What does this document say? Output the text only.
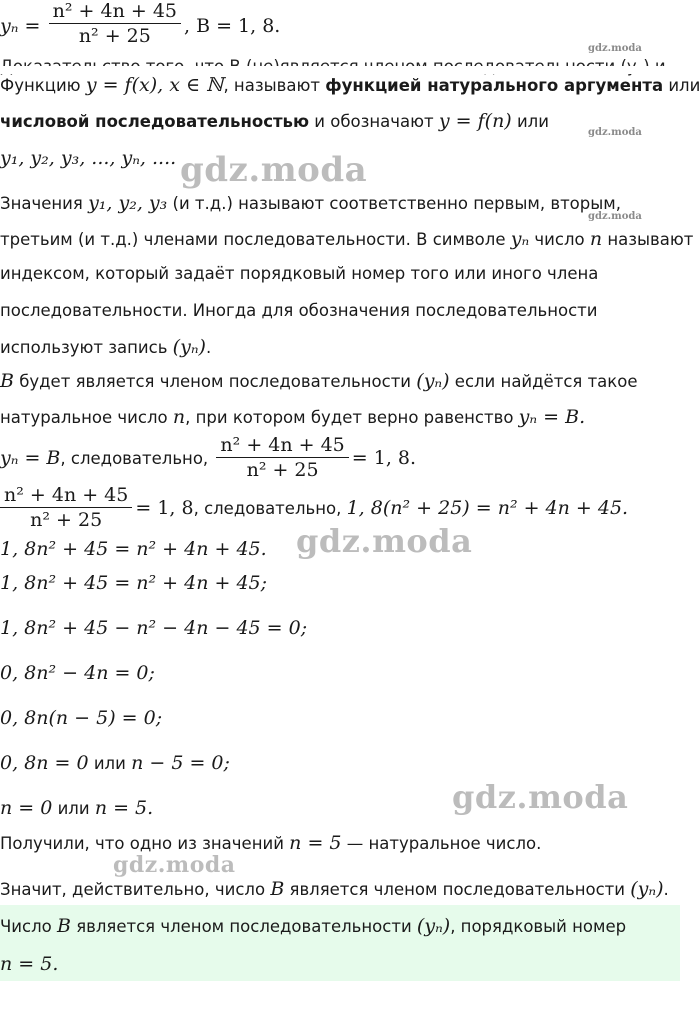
$y_n = \frac{\text{n² + 4n + 45}}{\text{n² + 25}}$ , B = 1, 8.
Функцию y = f(x), x ∈ ℕ, называют функцией натурального аргумента или
числовой последовательностью и обозначают y = f(n) или
y₁, y₂, y₃, ..., yₙ, ....
Значения y₁, y₂, y₃ (и т.д.) называют соответственно первым, вторым,
третьим (и т.д.) членами последовательности. В символе yₙ число n называют
индексом, который задаёт порядковый номер того или иного члена
последовательности. Иногда для обозначения последовательности
используют запись (yₙ).
B будет является членом последовательности (yₙ) если найдётся такое
натуральное число n, при котором будет верно равенство yₙ = B.
yₙ = B, следовательно, $\frac{\text{n² + 4n + 45}}{\text{n² + 25}} = 1$, 8.
$\frac{\text{n² + 4n + 45}}{\text{n² + 25}} = 1$, 8, следовательно, 1, 8(n² + 25) = n² + 4n + 45.
1, 8n² + 45 = n² + 4n + 45.
1, 8n² + 45 = n² + 4n + 45;
1, 8n² + 45 − n² − 4n − 45 = 0;
0, 8n² − 4n = 0;
0, 8n(n − 5) = 0;
0, 8n = 0 или n − 5 = 0;
n = 0 или n = 5.
Получили, что одно из значений n = 5 — натуральное число.
Значит, действительно, число B является членом последовательности (yₙ).
Число B является членом последовательности (yₙ), порядковый номер
n = 5.
gdz.moda
gdz.moda
gdz.moda
gdz.moda
gdz.moda
gdz.moda
gdz.moda
